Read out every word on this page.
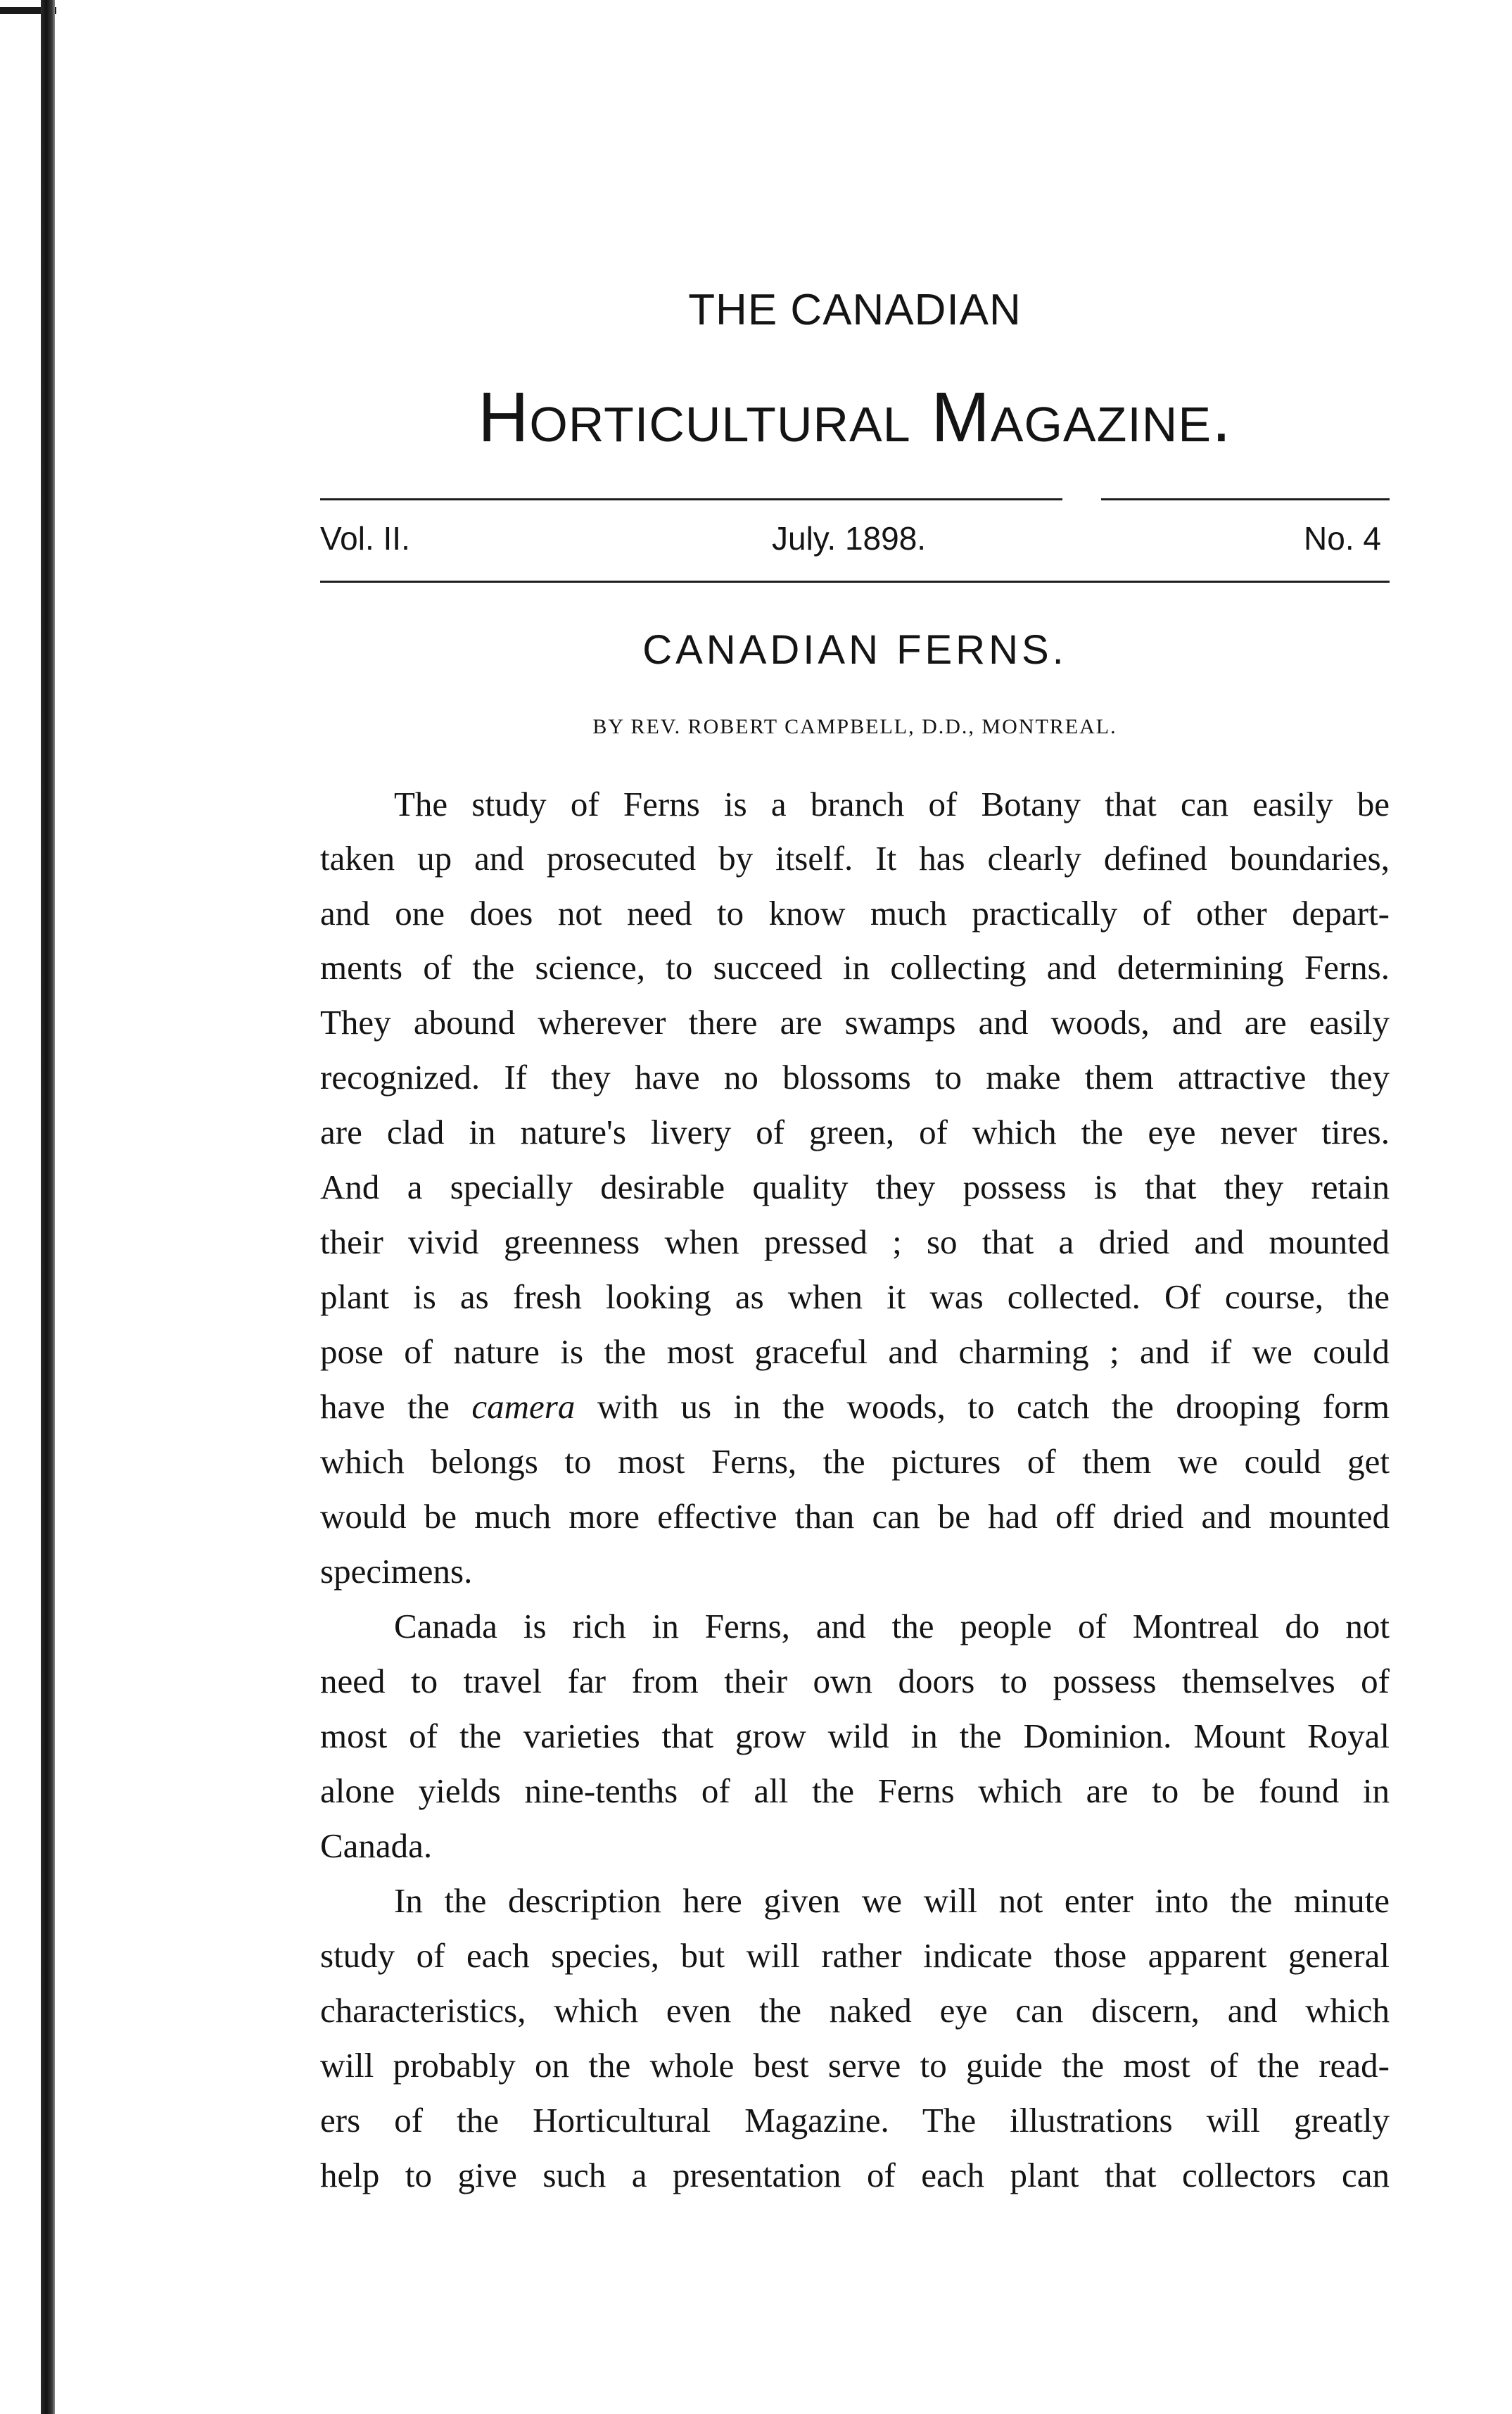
THE CANADIAN
Horticultural Magazine.
Vol. II.	July. 1898.	No. 4
CANADIAN FERNS.
BY REV. ROBERT CAMPBELL, D.D., MONTREAL.
The study of Ferns is a branch of Botany that can easily be
taken up and prosecuted by itself. It has clearly defined boundaries,
and one does not need to know much practically of other depart-
ments of the science, to succeed in collecting and determining Ferns.
They abound wherever there are swamps and woods, and are easily
recognized. If they have no blossoms to make them attractive they
are clad in nature's livery of green, of which the eye never tires.
And a specially desirable quality they possess is that they retain
their vivid greenness when pressed ; so that a dried and mounted
plant is as fresh looking as when it was collected. Of course, the
pose of nature is the most graceful and charming ; and if we could
have the camera with us in the woods, to catch the drooping form
which belongs to most Ferns, the pictures of them we could get
would be much more effective than can be had off dried and mounted
specimens.
Canada is rich in Ferns, and the people of Montreal do not
need to travel far from their own doors to possess themselves of
most of the varieties that grow wild in the Dominion. Mount Royal
alone yields nine-tenths of all the Ferns which are to be found in
Canada.
In the description here given we will not enter into the minute
study of each species, but will rather indicate those apparent general
characteristics, which even the naked eye can discern, and which
will probably on the whole best serve to guide the most of the read-
ers of the Horticultural Magazine. The illustrations will greatly
help to give such a presentation of each plant that collectors can
